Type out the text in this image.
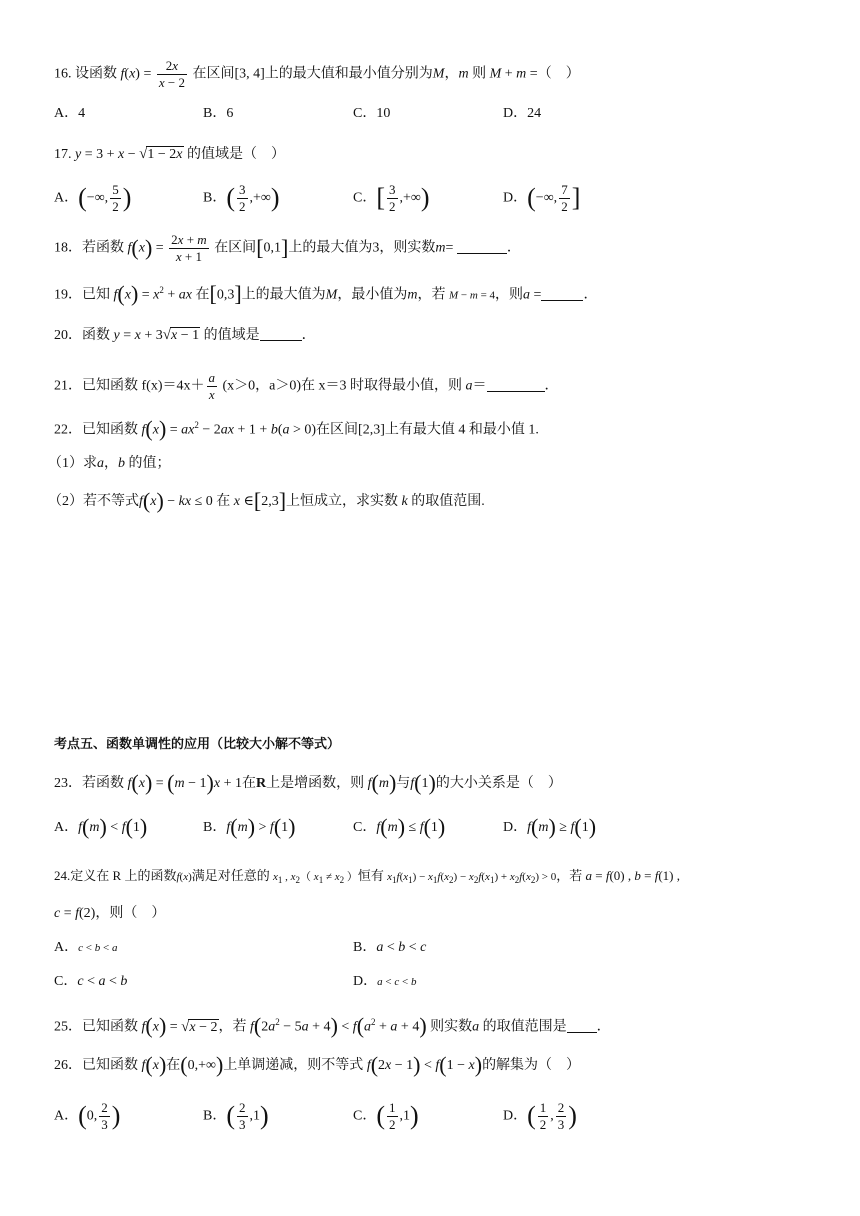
16. 设函数 $f(x) = \frac{2x}{x - 2}$ 在区间[3, 4]上的最大值和最小值分别为M，m 则 M + m =（　）
A．4	B．6	C．10	D．24
17. y = 3 + x − √1 − 2x 的值域是（　）
A．(−∞, $\frac{5}{2}$ )	B．( $\frac{3}{2}$ ,+∞)	C．[ $\frac{3}{2}$ ,+∞)	D．(−∞, $\frac{7}{2}$ ]
18．若函数 $f(x) = \frac{2x + m}{x + 1}$ 在区间[0,1]上的最大值为3，则实数m=	．
19．已知 $f(x) = x^2$ + ax 在[0,3]上的最大值为M，最小值为m，若 M − m = 4，则a =	．
20．函数 y = x + 3√x − 1 的值域是	．
21．已知函数 $f(x)=4x+ \frac{a}{x} (x>0$，a＞0)在 x＝3 时取得最小值，则 a＝	．
22．已知函数 $f(x) = ax^2 - 2ax + 1 + b(a > 0)$在区间[2,3]上有最大值 4 和最小值 1.
（1）求a，b 的值；
（2）若不等式f(x) − kx ≤ 0 在 x ∈[2,3]上恒成立，求实数 k 的取值范围.
考点五、函数单调性的应用（比较大小解不等式）
23．若函数 f(x) = (m − 1)x + 1在R上是增函数，则 f(m)与f(1)的大小关系是（　）
A．f(m) < f(1)	B．f(m) > f(1)	C．f(m) ≤ f(1)	D．f(m) ≥ f(1)
24.定义在 R 上的函数f(x)满足对任意的 $x_1$ , $x_2$（ $x_1 \ne x_2$ ）恒有 $x_1f(x_1) - x_1f(x_2) - x_2f(x_1) + x_2f(x_2) > 0$，若 a = f(0) , b = f(1) ,
c = f(2)，则（　）
A．c < b < a	B．a < b < c
C．c < a < b	D．a < c < b
25．已知函数 f(x) = √x − 2，若 $f(2a^2 - 5a + 4) < f(a^2 + a + 4)$ 则实数a 的取值范围是 ．
26．已知函数 f(x)在(0,+∞)上单调递减，则不等式 f(2x − 1) < f(1 − x)的解集为（　）
A．(0, $\frac{2}{3}$ )	B．( $\frac{2}{3} ,1$)	C．( $\frac{1}{2} ,1$)	D．( $\frac{1}{2}$ , $\frac{2}{3}$ )
